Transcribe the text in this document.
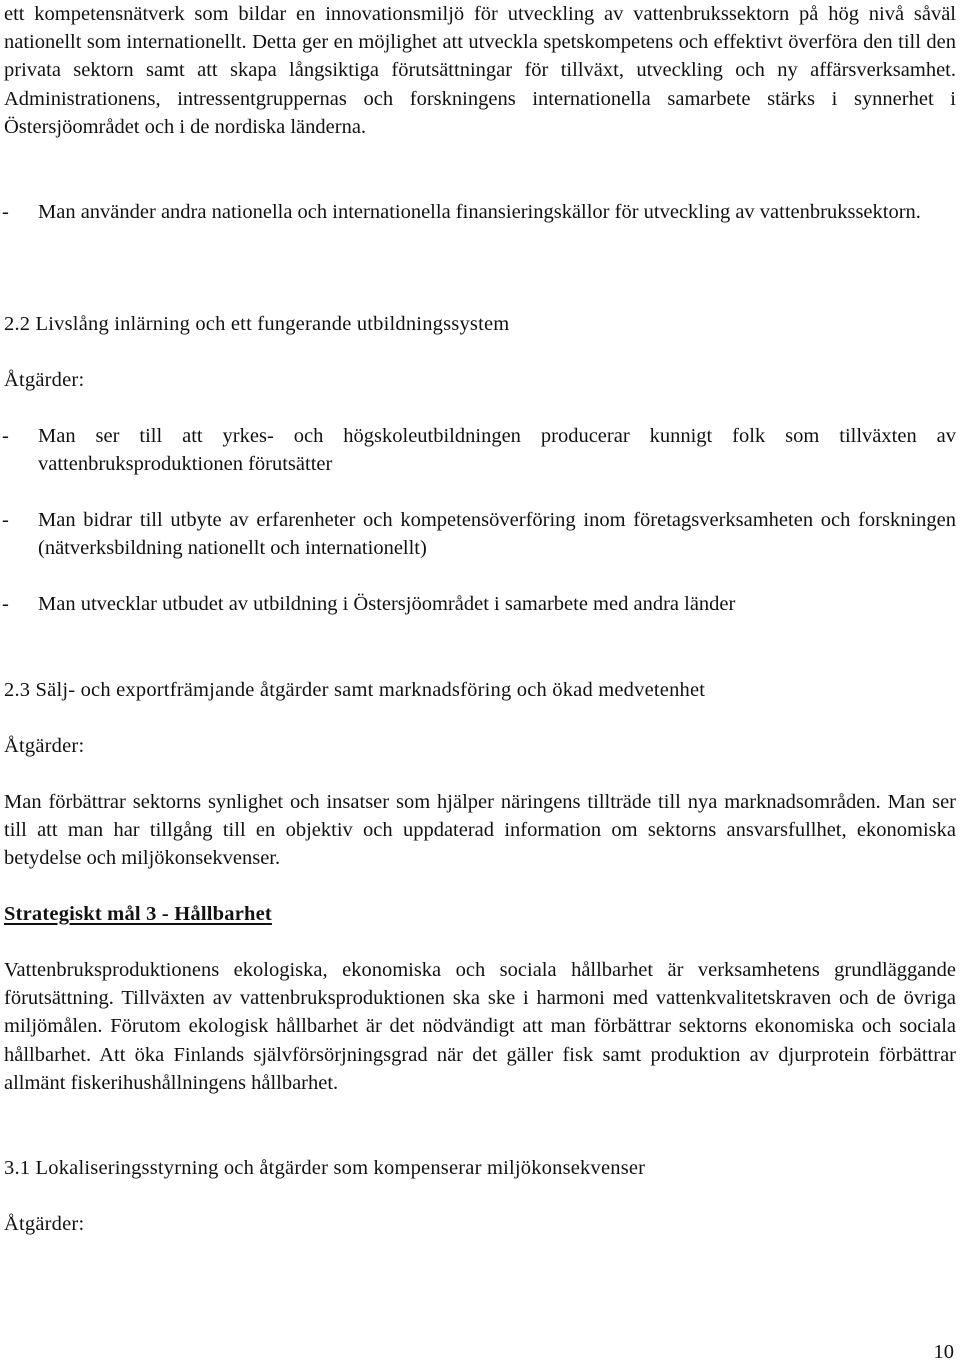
ett kompetensnätverk som bildar en innovationsmiljö för utveckling av vattenbrukssektorn på hög nivå såväl nationellt som internationellt. Detta ger en möjlighet att utveckla spetskompetens och effektivt överföra den till den privata sektorn samt att skapa långsiktiga förutsättningar för tillväxt, utveckling och ny affärsverksamhet. Administrationens, intressentgruppernas och forskningens internationella samarbete stärks i synnerhet i Östersjöområdet och i de nordiska länderna.

- Man använder andra nationella och internationella finansieringskällor för utveckling av vattenbrukssektorn.

2.2 Livslång inlärning och ett fungerande utbildningssystem

Åtgärder:

- Man ser till att yrkes- och högskoleutbildningen producerar kunnigt folk som tillväxten av vattenbruksproduktionen förutsätter

- Man bidrar till utbyte av erfarenheter och kompetensöverföring inom företagsverksamheten och forskningen (nätverksbildning nationellt och internationellt)

- Man utvecklar utbudet av utbildning i Östersjöområdet i samarbete med andra länder

2.3 Sälj- och exportfrämjande åtgärder samt marknadsföring och ökad medvetenhet

Åtgärder:

Man förbättrar sektorns synlighet och insatser som hjälper näringens tillträde till nya marknadsområden. Man ser till att man har tillgång till en objektiv och uppdaterad information om sektorns ansvarsfullhet, ekonomiska betydelse och miljökonsekvenser.

Strategiskt mål 3 - Hållbarhet

Vattenbruksproduktionens ekologiska, ekonomiska och sociala hållbarhet är verksamhetens grundläggande förutsättning. Tillväxten av vattenbruksproduktionen ska ske i harmoni med vattenkvalitetskraven och de övriga miljömålen. Förutom ekologisk hållbarhet är det nödvändigt att man förbättrar sektorns ekonomiska och sociala hållbarhet. Att öka Finlands självförsörjningsgrad när det gäller fisk samt produktion av djurprotein förbättrar allmänt fiskerihushållningens hållbarhet.

3.1 Lokaliseringsstyrning och åtgärder som kompenserar miljökonsekvenser

Åtgärder:

10
